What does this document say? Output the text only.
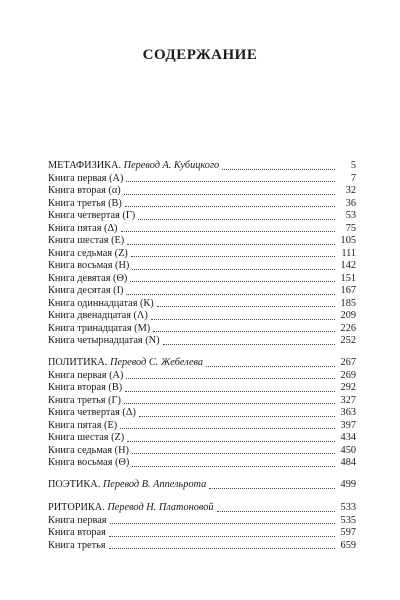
СОДЕРЖАНИЕ
МЕТАФИЗИКА. Перевод А. Кубицкого	5
Книга первая (А)	7
Книга вторая (α)	32
Книга третья (В)	36
Книга четвертая (Г)	53
Книга пятая (Δ)	75
Книга шестая (Е)	105
Книга седьмая (Z)	111
Книга восьмая (Н)	142
Книга девятая (Θ)	151
Книга десятая (I)	167
Книга одиннадцатая (К)	185
Книга двенадцатая (Λ)	209
Книга тринадцатая (М)	226
Книга четырнадцатая (N)	252
ПОЛИТИКА. Перевод С. Жебелева	267
Книга первая (А)	269
Книга вторая (В)	292
Книга третья (Г)	327
Книга четвертая (Δ)	363
Книга пятая (Е)	397
Книга шестая (Z)	434
Книга седьмая (Н)	450
Книга восьмая (Θ)	484
ПОЭТИКА. Перевод В. Аппельрота	499
РИТОРИКА. Перевод Н. Платоновой	533
Книга первая	535
Книга вторая	597
Книга третья	659
